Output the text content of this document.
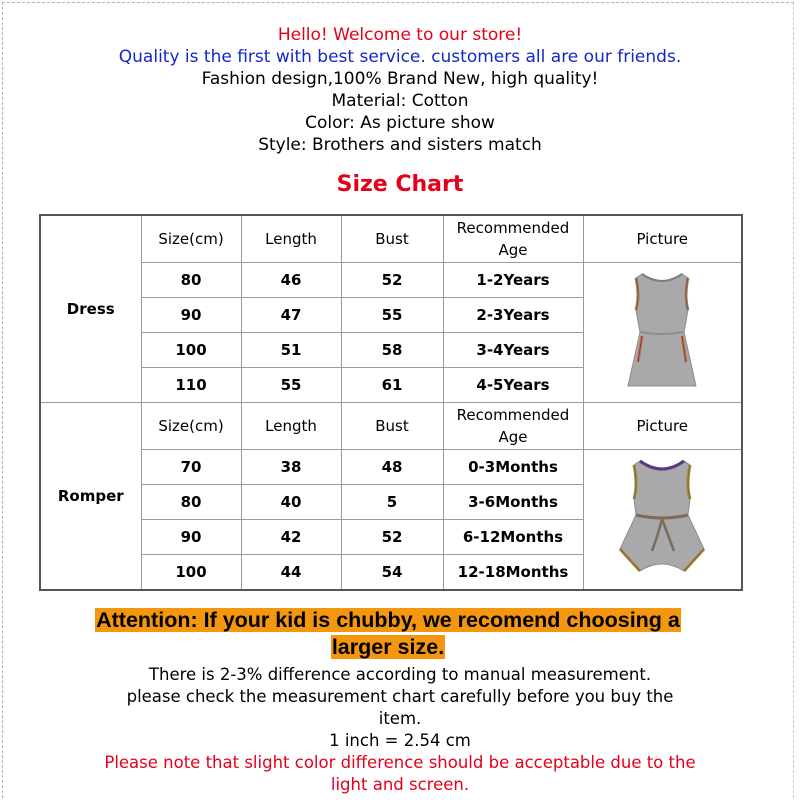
Hello! Welcome to our store!
Quality is the first with best service. customers all are our friends.
Fashion design,100% Brand New, high quality!
Material: Cotton
Color: As picture show
Style: Brothers and sisters match
Size Chart
Dress	Size(cm)	Length	Bust	Recommended Age	Picture
	80	46	52	1-2Years	
	90	47	55	2-3Years	
	100	51	58	3-4Years	
	110	55	61	4-5Years	
Romper	Size(cm)	Length	Bust	Recommended Age	Picture
	70	38	48	0-3Months	
	80	40	5	3-6Months	
	90	42	52	6-12Months	
	100	44	54	12-18Months	
Attention: If your kid is chubby, we recomend choosing a
larger size.
There is 2-3% difference according to manual measurement.
please check the measurement chart carefully before you buy the
item.
1 inch = 2.54 cm
Please note that slight color difference should be acceptable due to the
light and screen.
